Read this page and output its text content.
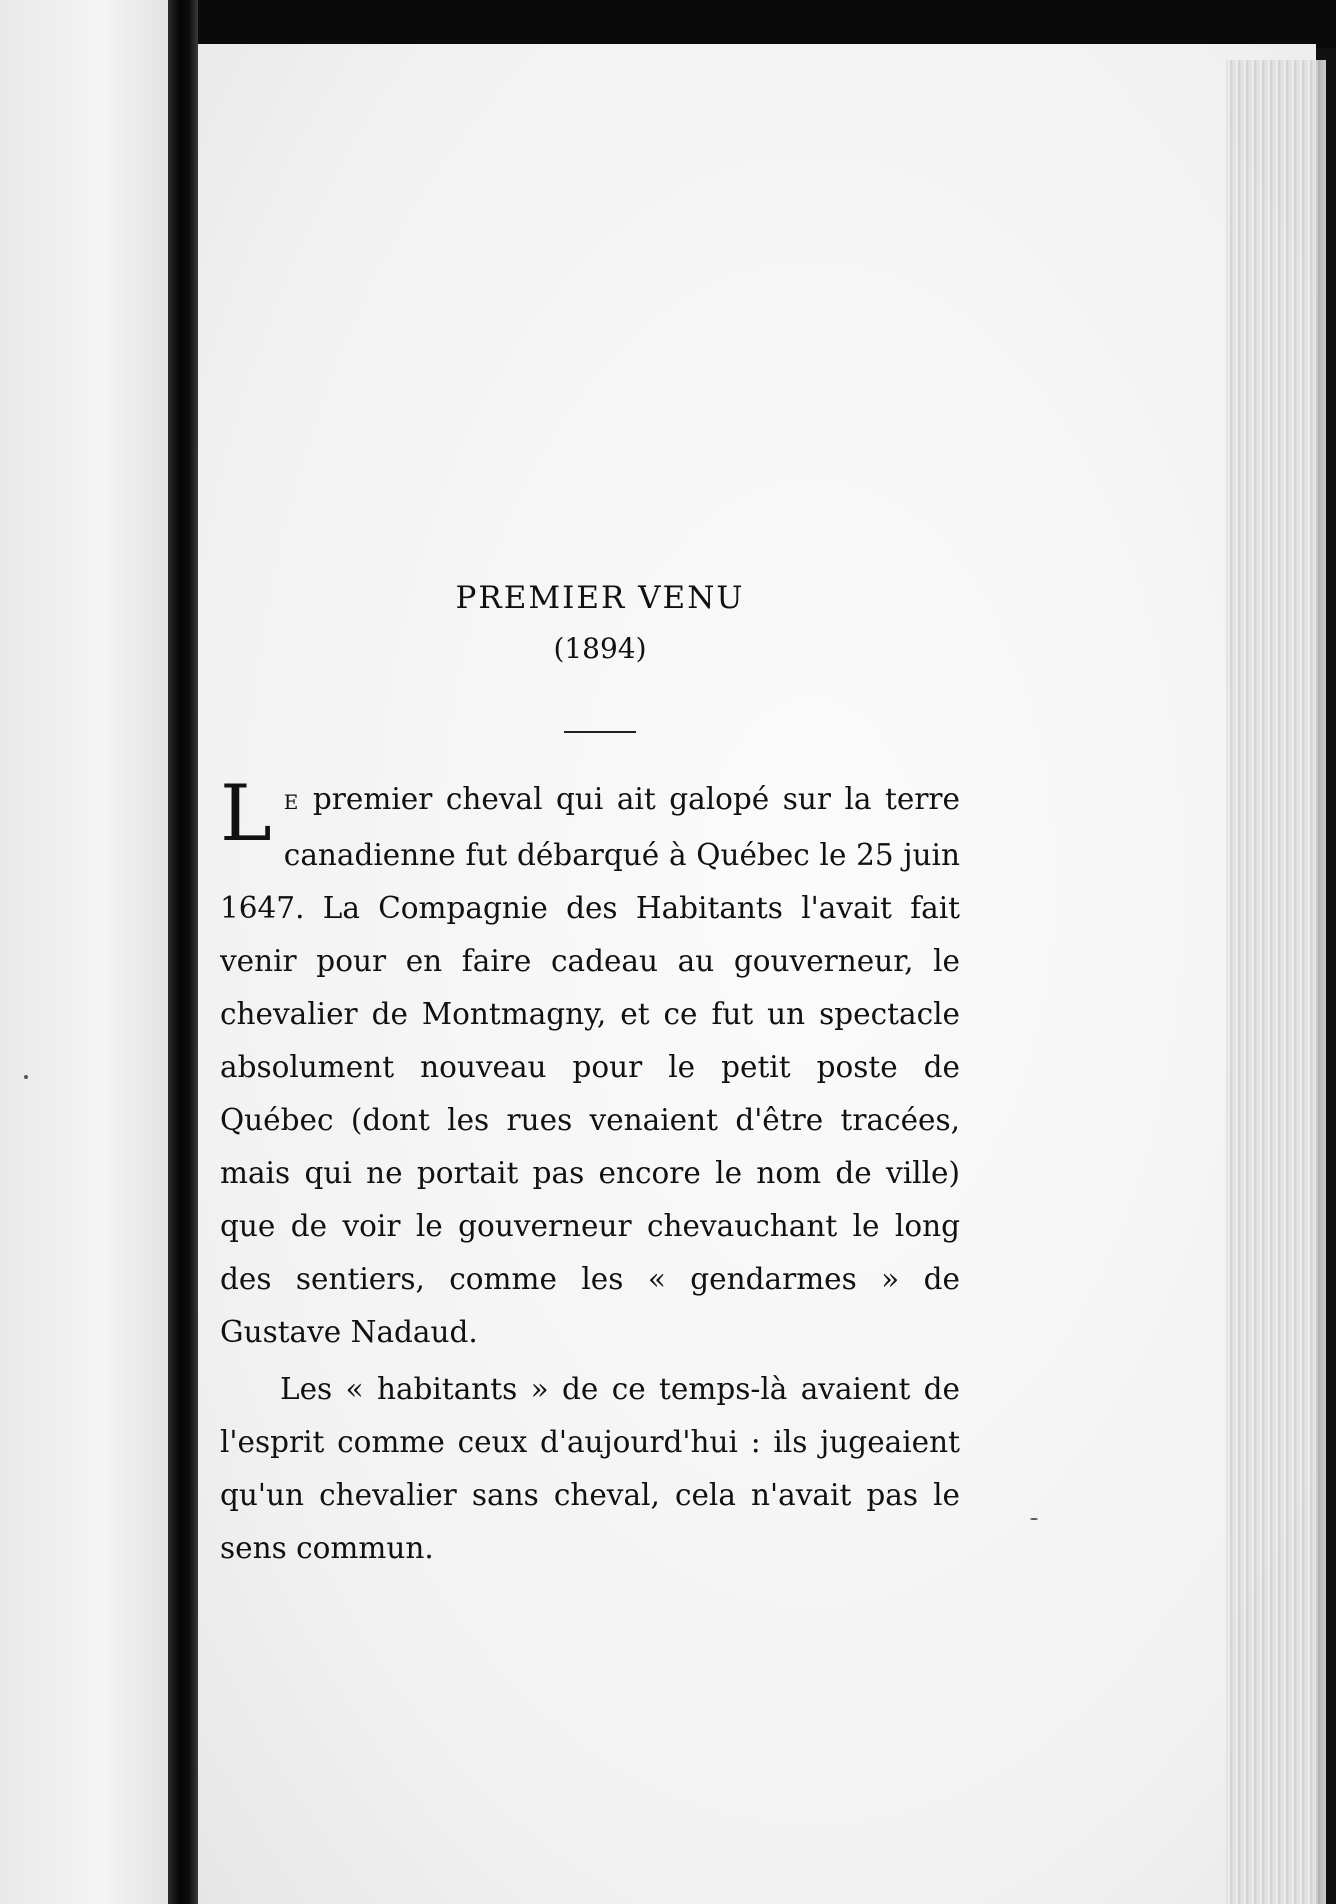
PREMIER VENU
(1894)

L E premier cheval qui ait galopé sur la terre canadienne fut débarqué à Québec le 25 juin 1647. La Compagnie des Habitants l'avait fait venir pour en faire cadeau au gouverneur, le chevalier de Montmagny, et ce fut un spectacle absolument nouveau pour le petit poste de Québec (dont les rues venaient d'être tracées, mais qui ne portait pas encore le nom de ville) que de voir le gouverneur chevauchant le long des sentiers, comme les « gendarmes » de Gustave Nadaud.

Les « habitants » de ce temps-là avaient de l'esprit comme ceux d'aujourd'hui : ils jugeaient qu'un chevalier sans cheval, cela n'avait pas le sens commun.
